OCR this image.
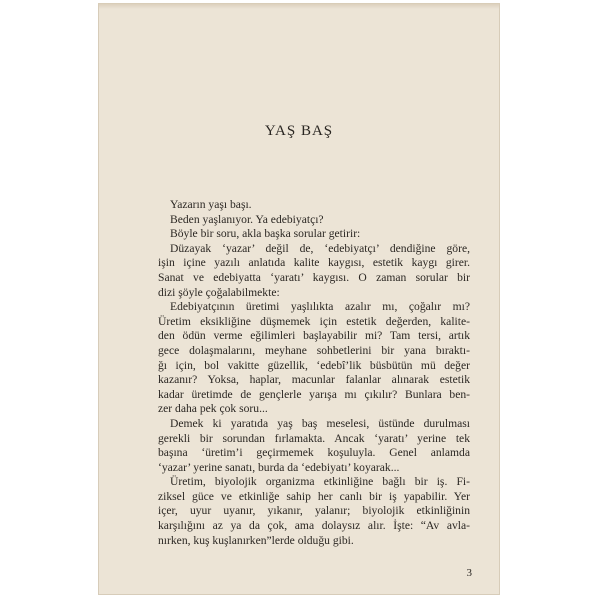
YAŞ BAŞ
Yazarın yaşı başı.
Beden yaşlanıyor. Ya edebiyatçı?
Böyle bir soru, akla başka sorular getirir:
Düzayak ‘yazar’ değil de, ‘edebiyatçı’ dendiğine göre,
işin içine yazılı anlatıda kalite kaygısı, estetik kaygı girer.
Sanat ve edebiyatta ‘yaratı’ kaygısı. O zaman sorular bir
dizi şöyle çoğalabilmekte:
Edebiyatçının üretimi yaşlılıkta azalır mı, çoğalır mı?
Üretim eksikliğine düşmemek için estetik değerden, kalite-
den ödün verme eğilimleri başlayabilir mi? Tam tersi, artık
gece dolaşmalarını, meyhane sohbetlerini bir yana bıraktı-
ğı için, bol vakitte güzellik, ‘edebî’lik büsbütün mü değer
kazanır? Yoksa, haplar, macunlar falanlar alınarak estetik
kadar üretimde de gençlerle yarışa mı çıkılır? Bunlara ben-
zer daha pek çok soru...
Demek ki yaratıda yaş baş meselesi, üstünde durulması
gerekli bir sorundan fırlamakta. Ancak ‘yaratı’ yerine tek
başına ‘üretim’i geçirmemek koşuluyla. Genel anlamda
‘yazar’ yerine sanatı, burda da ‘edebiyatı’ koyarak...
Üretim, biyolojik organizma etkinliğine bağlı bir iş. Fi-
ziksel güce ve etkinliğe sahip her canlı bir iş yapabilir. Yer
içer, uyur uyanır, yıkanır, yalanır; biyolojik etkinliğinin
karşılığını az ya da çok, ama dolaysız alır. İşte: “Av avla-
nırken, kuş kuşlanırken”lerde olduğu gibi.
3
